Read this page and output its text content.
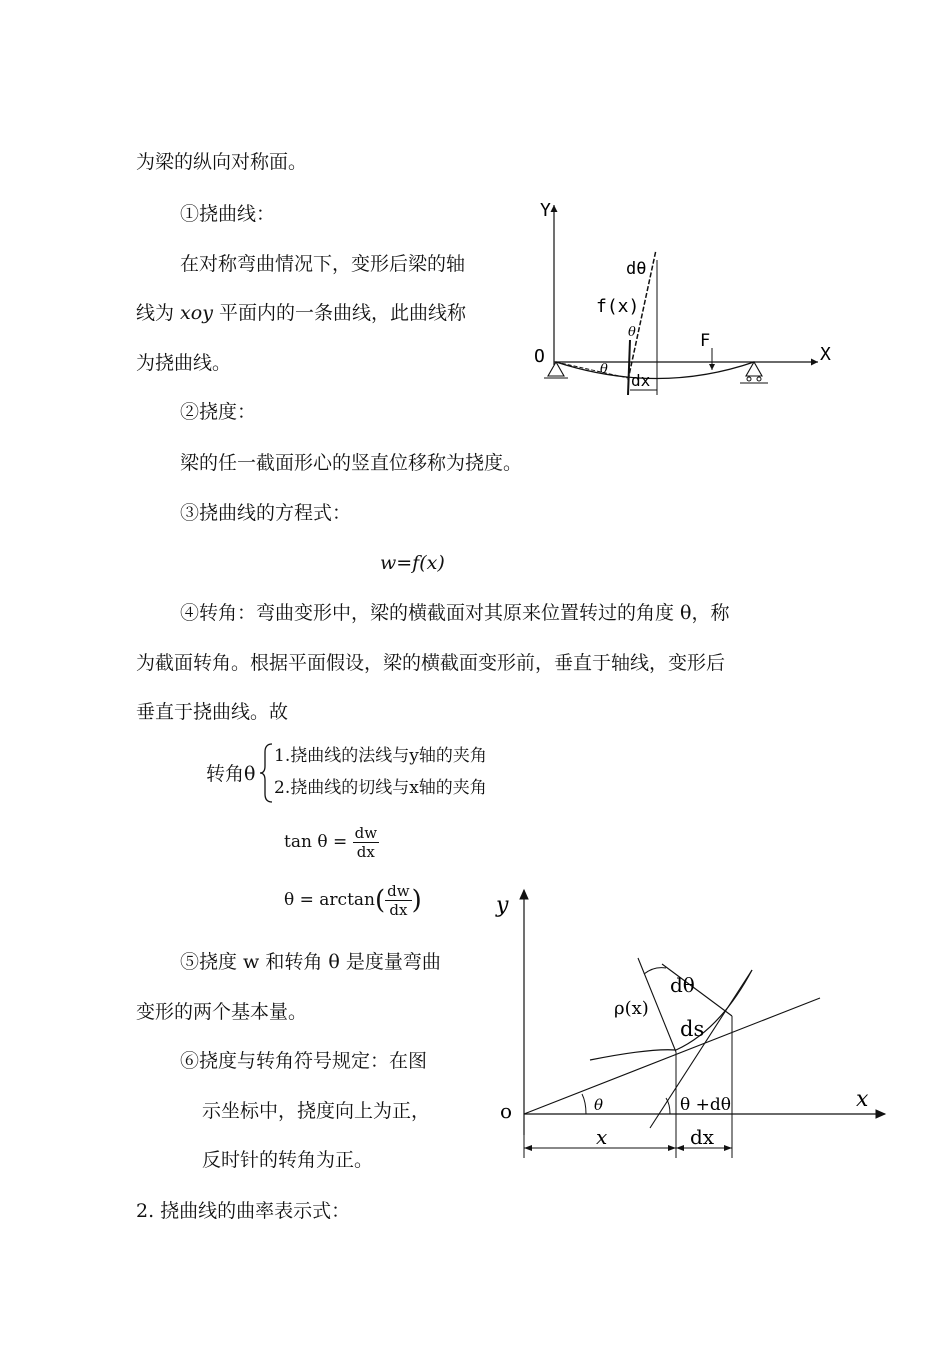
为梁的纵向对称面。
①挠曲线：
在对称弯曲情况下，变形后梁的轴
线为 xoy 平面内的一条曲线，此曲线称
为挠曲线。
②挠度：
梁的任一截面形心的竖直位移称为挠度。
③挠曲线的方程式：
w=f(x)
④转角：弯曲变形中，梁的横截面对其原来位置转过的角度 θ，称
为截面转角。根据平面假设，梁的横截面变形前，垂直于轴线，变形后
垂直于挠曲线。故
转角θ
1.挠曲线的法线与y轴的夹角
2.挠曲线的切线与x轴的夹角
$\tan \theta = \frac{dw}{dx}$
$\theta = \arctan( \frac{dw}{dx}$ )
⑤挠度 w 和转角 θ 是度量弯曲
变形的两个基本量。
⑥挠度与转角符号规定：在图
示坐标中，挠度向上为正，
反时针的转角为正。
2. 挠曲线的曲率表示式：
Y
X
O
dx
dθ
f(x)
θ
θ
F
y
x
o
x	dx
θ	θ +dθ
dθ
ρ(x)
ds
